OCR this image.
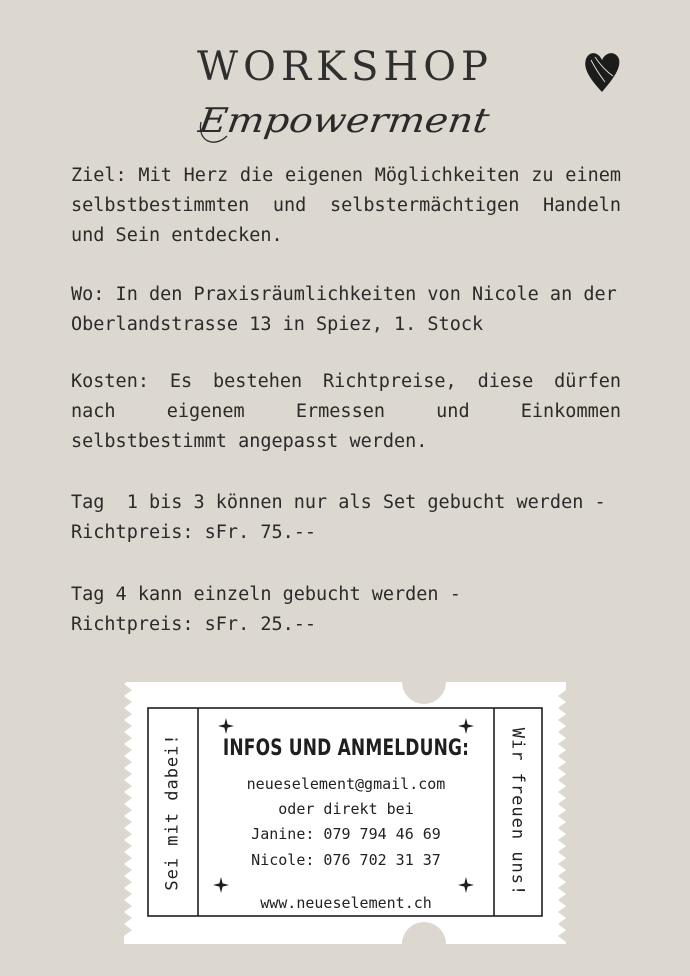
WORKSHOP
Empowerment

Ziel: Mit Herz die eigenen Möglichkeiten zu einem selbstbestimmten und selbstermächtigen Handeln und Sein entdecken.

Wo: In den Praxisräumlichkeiten von Nicole an der Oberlandstrasse 13 in Spiez, 1. Stock

Kosten: Es bestehen Richtpreise, diese dürfen nach eigenem Ermessen und Einkommen selbstbestimmt angepasst werden.

Tag  1 bis 3 können nur als Set gebucht werden -

Richtpreis: sFr. 75.--

Tag 4 kann einzeln gebucht werden -

Richtpreis: sFr. 25.--

Sei mit dabei!	Wir freuen uns!
INFOS UND ANMELDUNG:
neueselement@gmail.com
oder direkt bei
Janine: 079 794 46 69
Nicole: 076 702 31 37
www.neueselement.ch
